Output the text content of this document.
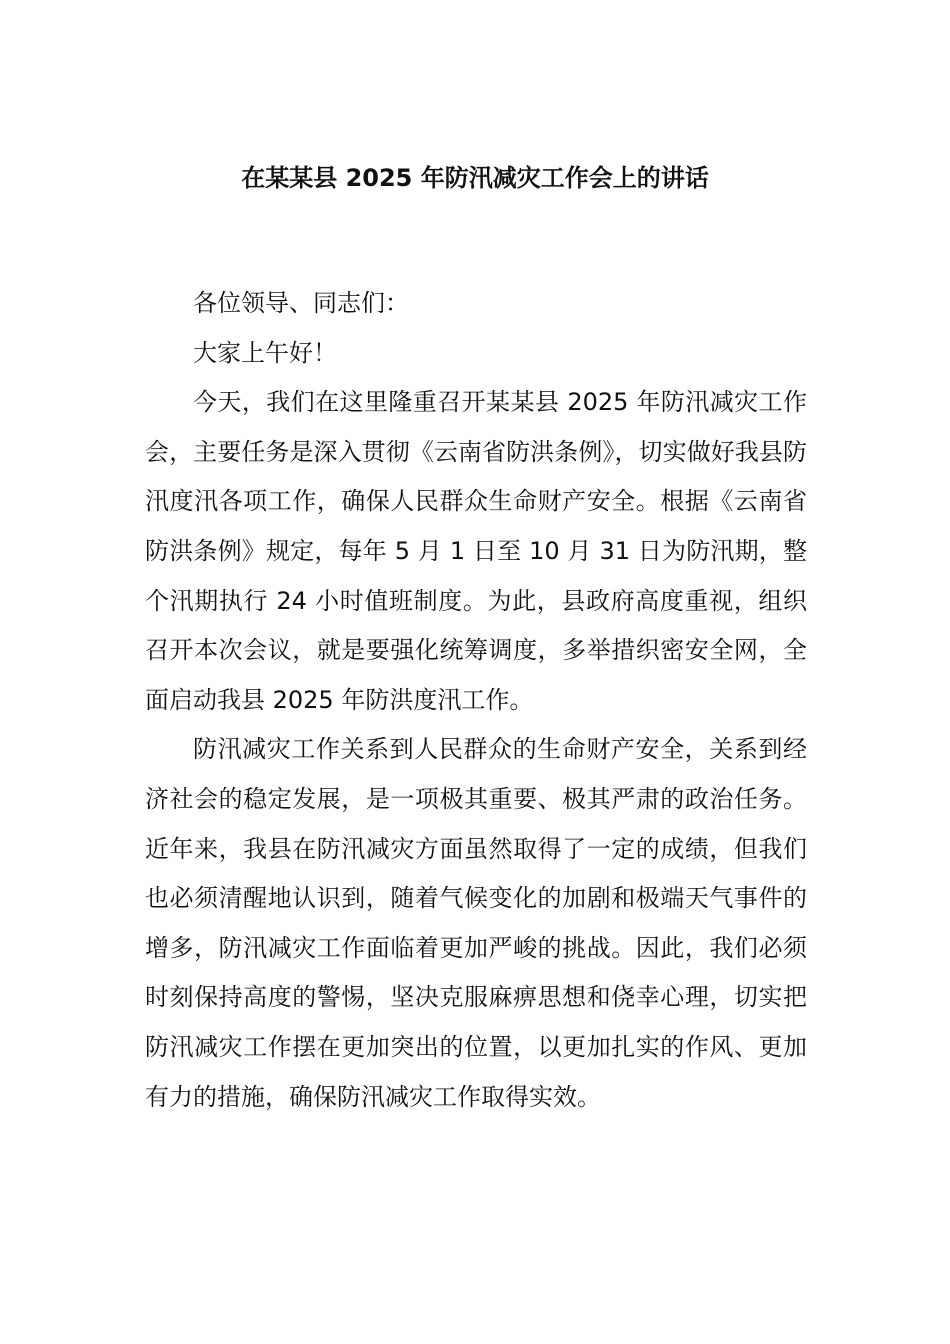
在某某县 2025 年防汛减灾工作会上的讲话

各位领导、同志们：

大家上午好！

今天，我们在这里隆重召开某某县 2025 年防汛减灾工作会，主要任务是深入贯彻《云南省防洪条例》，切实做好我县防汛度汛各项工作，确保人民群众生命财产安全。根据《云南省防洪条例》规定，每年 5 月 1 日至 10 月 31 日为防汛期，整个汛期执行 24 小时值班制度。为此，县政府高度重视，组织召开本次会议，就是要强化统筹调度，多举措织密安全网，全面启动我县 2025 年防洪度汛工作。

防汛减灾工作关系到人民群众的生命财产安全，关系到经济社会的稳定发展，是一项极其重要、极其严肃的政治任务。近年来，我县在防汛减灾方面虽然取得了一定的成绩，但我们也必须清醒地认识到，随着气候变化的加剧和极端天气事件的增多，防汛减灾工作面临着更加严峻的挑战。因此，我们必须时刻保持高度的警惕，坚决克服麻痹思想和侥幸心理，切实把防汛减灾工作摆在更加突出的位置，以更加扎实的作风、更加有力的措施，确保防汛减灾工作取得实效。
